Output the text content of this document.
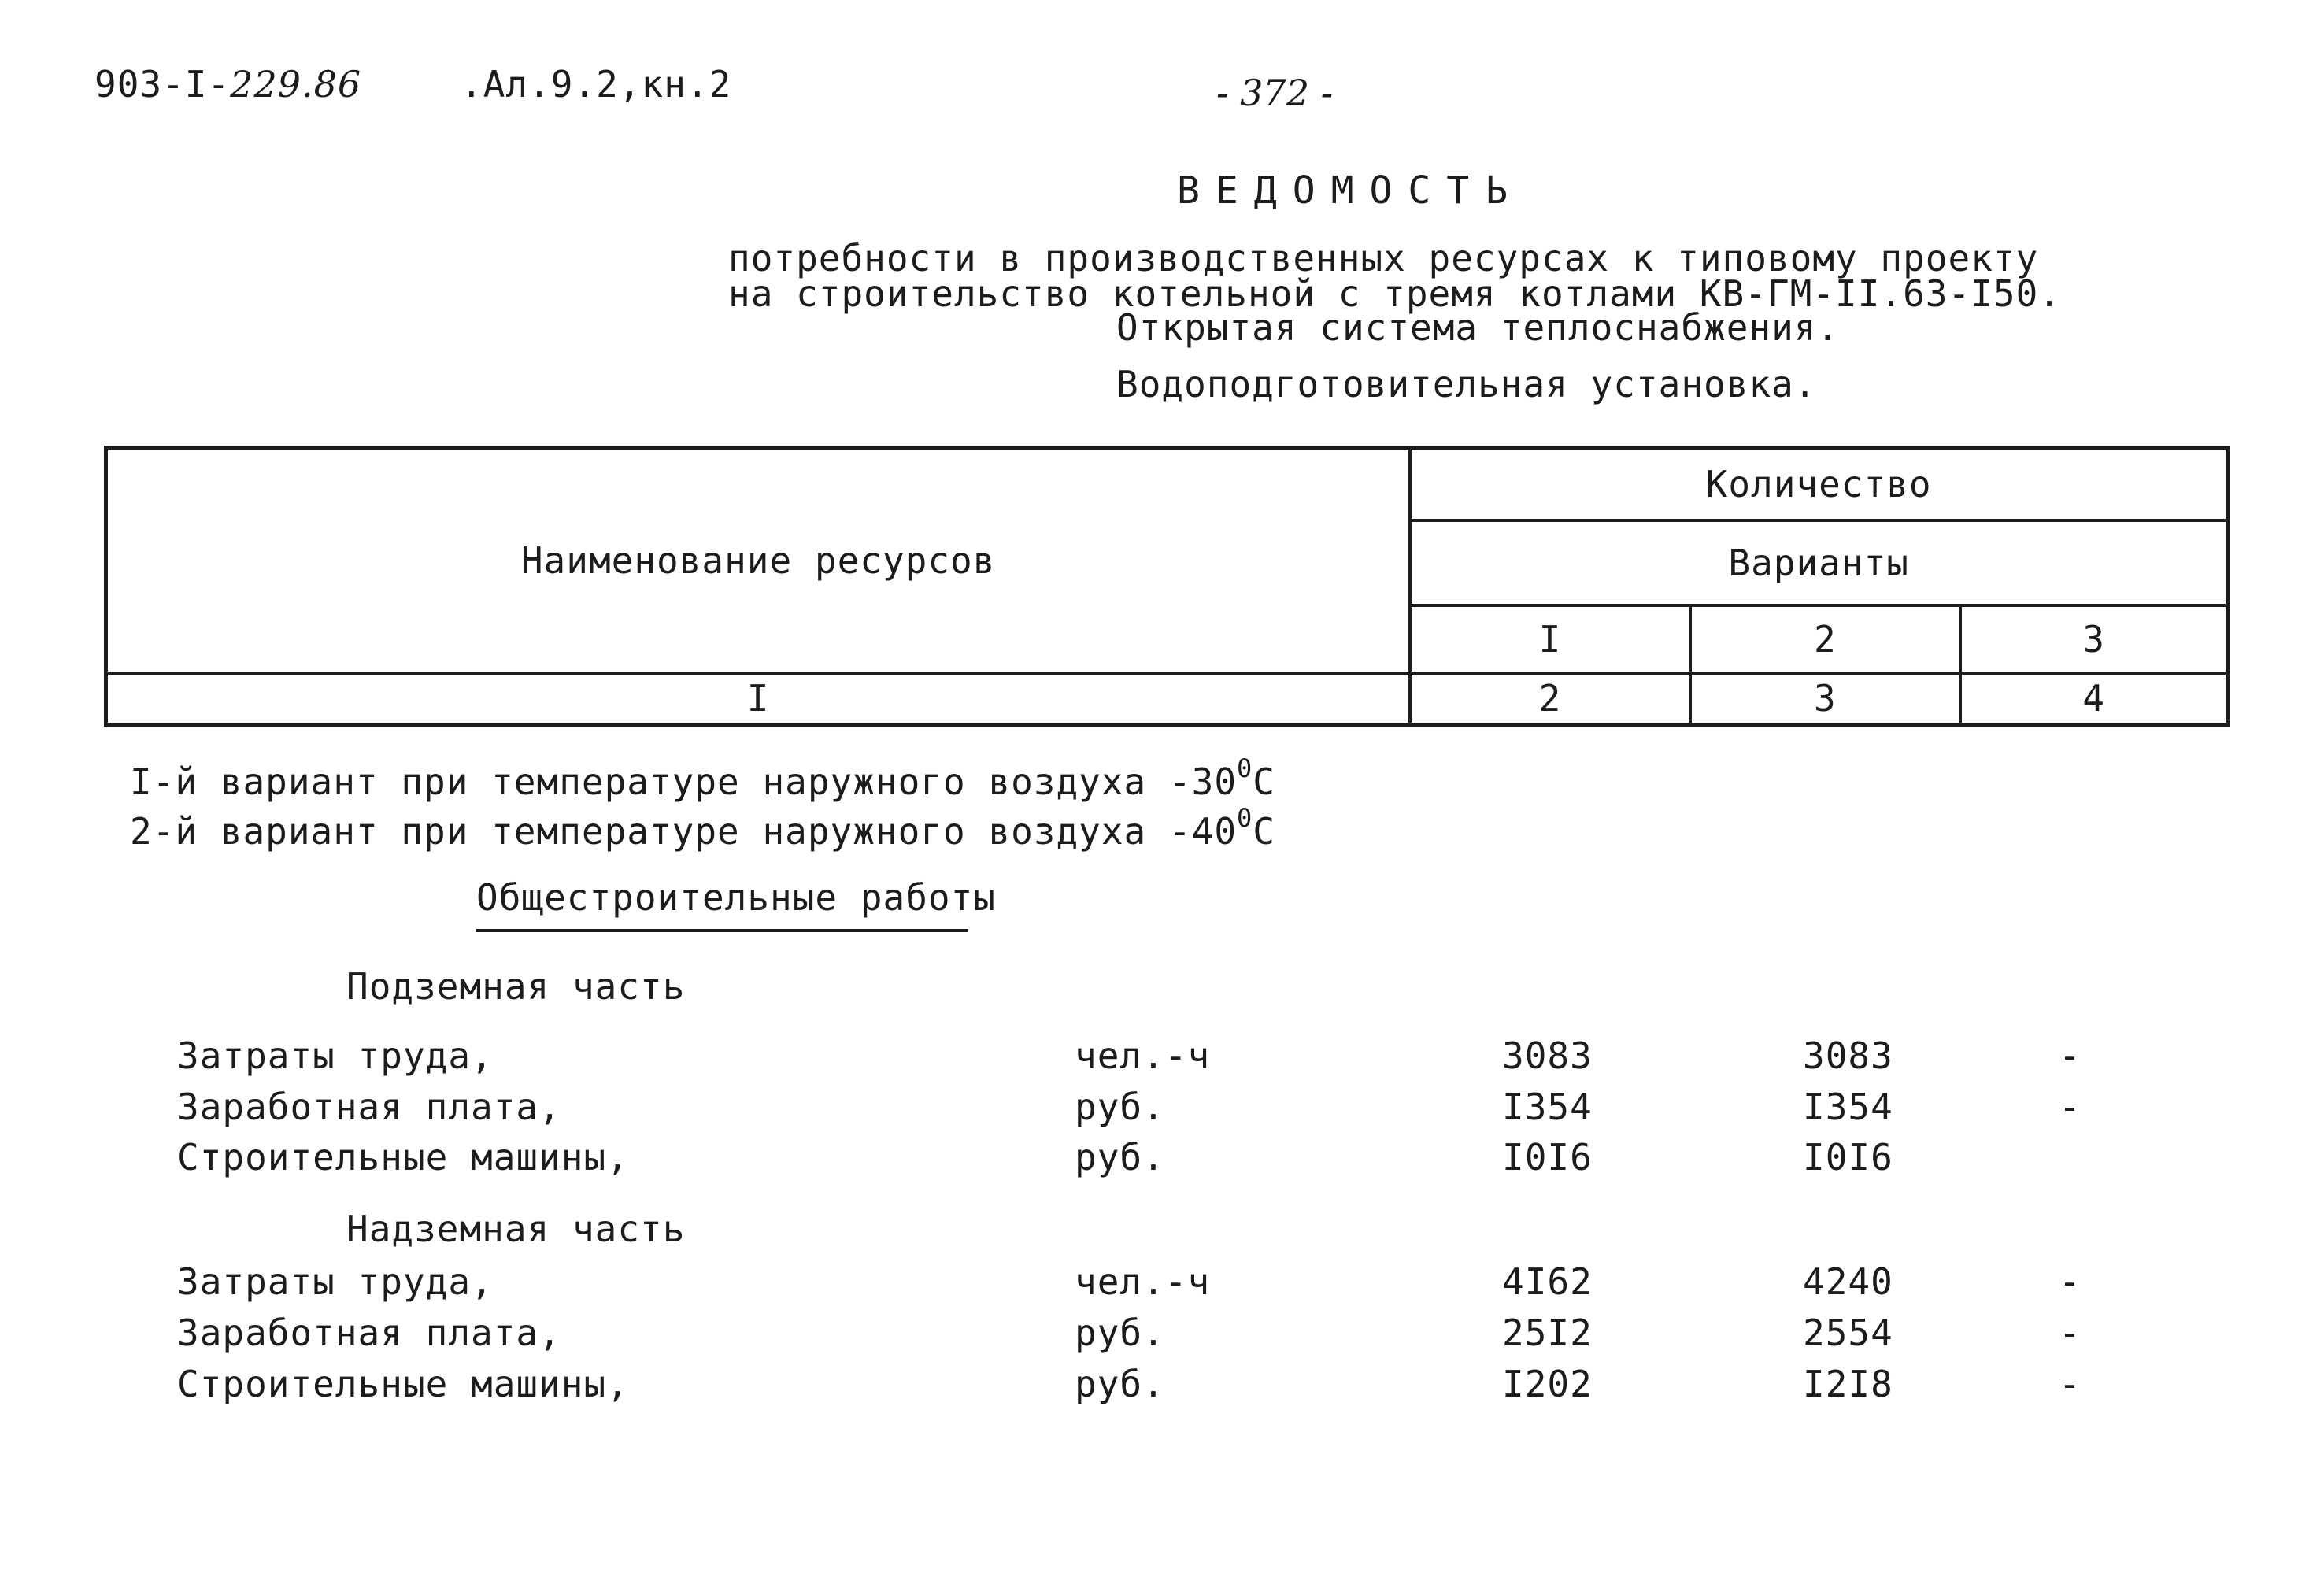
903-I-229.86	.Ал.9.2,кн.2	- 372 -
ВЕДОМОСТЬ
потребности в производственных ресурсах к типовому проекту
на строительство котельной с тремя котлами КВ-ГМ-II.63-I50.
Открытая система теплоснабжения.
Водоподготовительная установка.
Наименование ресурсов	Количество		
	Варианты		
	I	2	3
I	2	3	4
I-й вариант при температуре наружного воздуха $-30^0C$
2-й вариант при температуре наружного воздуха $-40^0C$
Общестроительные работы
Подземная часть
Затраты труда,	чел.-ч	3083	3083	-
Заработная плата,	руб.	I354	I354	-
Строительные машины,	руб.	I0I6	I0I6
Надземная часть
Затраты труда,	чел.-ч	4I62	4240	-
Заработная плата,	руб.	25I2	2554	-
Строительные машины,	руб.	I202	I2I8	-
